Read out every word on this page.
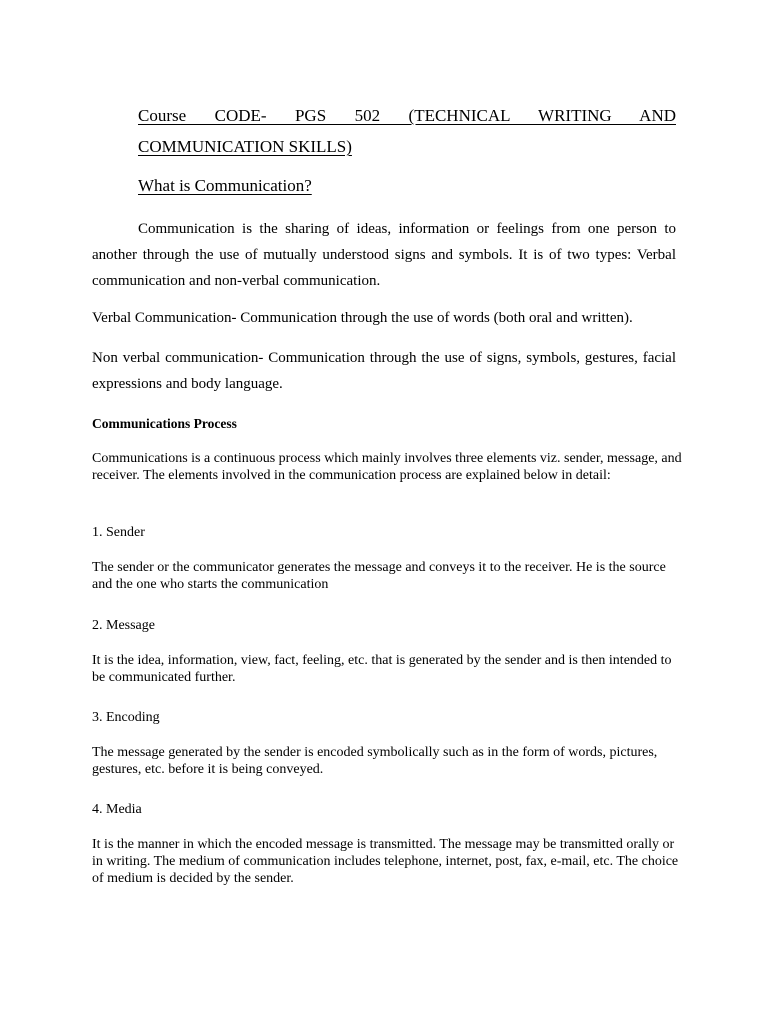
Course CODE- PGS 502 (TECHNICAL WRITING AND COMMUNICATION SKILLS)
What is Communication?

Communication is the sharing of ideas, information or feelings from one person to another through the use of mutually understood signs and symbols. It is of two types: Verbal communication and non-verbal communication.

Verbal Communication- Communication through the use of words (both oral and written).

Non verbal communication- Communication through the use of signs, symbols, gestures, facial expressions and body language.

Communications Process

Communications is a continuous process which mainly involves three elements viz. sender, message, and receiver. The elements involved in the communication process are explained below in detail:

1. Sender

The sender or the communicator generates the message and conveys it to the receiver. He is the source and the one who starts the communication

2. Message

It is the idea, information, view, fact, feeling, etc. that is generated by the sender and is then intended to be communicated further.

3. Encoding

The message generated by the sender is encoded symbolically such as in the form of words, pictures, gestures, etc. before it is being conveyed.

4. Media

It is the manner in which the encoded message is transmitted. The message may be transmitted orally or in writing. The medium of communication includes telephone, internet, post, fax, e-mail, etc. The choice of medium is decided by the sender.
